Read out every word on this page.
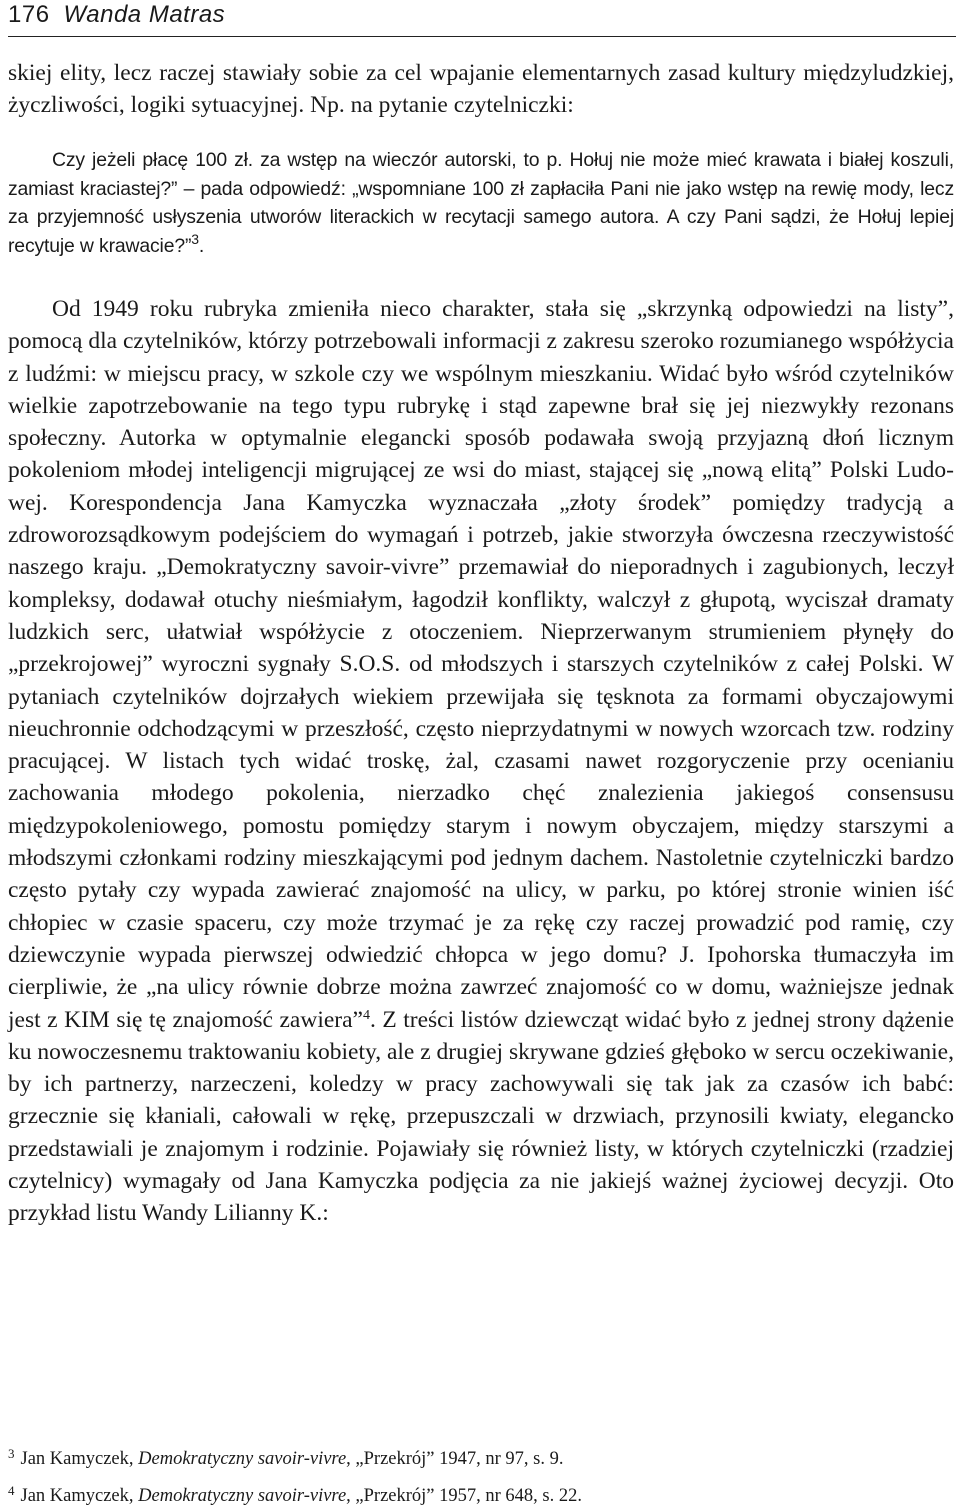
176 Wanda Matras

skiej elity, lecz raczej stawiały sobie za cel wpajanie elementarnych zasad kultury międzyludzkiej, życzliwości, logiki sytuacyjnej. Np. na pytanie czytelniczki:

Czy jeżeli płacę 100 zł. za wstęp na wieczór autorski, to p. Hołuj nie może mieć krawata i białej koszuli, zamiast kraciastej?” – pada odpowiedź: „wspomniane 100 zł zapłaciła Pani nie jako wstęp na rewię mody, lecz za przyjemność usłyszenia utworów literackich w recytacji samego autora. A czy Pani sądzi, że Hołuj lepiej recytuje w krawacie?”$^3$.

Od 1949 roku rubryka zmieniła nieco charakter, stała się „skrzynką odpowiedzi na listy”, pomocą dla czytelników, którzy potrzebowali informacji z zakresu szeroko rozumianego współżycia z ludźmi: w miejscu pracy, w szkole czy we wspólnym mieszkaniu. Widać było wśród czytelników wielkie zapotrzebowanie na tego typu rubrykę i stąd zapewne brał się jej niezwykły rezonans społeczny. Autorka w optymalnie elegancki sposób podawała swoją przyjazną dłoń licznym pokoleniom młodej inteligencji migrującej ze wsi do miast, stającej się „nową elitą” Polski Ludowej. Korespondencja Jana Kamyczka wyznaczała „złoty środek” pomiędzy tradycją a zdroworozsądkowym podejściem do wymagań i potrzeb, jakie stworzyła ówczesna rzeczywistość naszego kraju. „Demokratyczny savoir-vivre” przemawiał do nieporadnych i zagubionych, leczył kompleksy, dodawał otuchy nieśmiałym, łagodził konflikty, walczył z głupotą, wyciszał dramaty ludzkich serc, ułatwiał współżycie z otoczeniem. Nieprzerwanym strumieniem płynęły do „przekrojowej” wyroczni sygnały S.O.S. od młodszych i starszych czytelników z całej Polski. W pytaniach czytelników dojrzałych wiekiem przewijała się tęsknota za formami obyczajowymi nieuchronnie odchodzącymi w przeszłość, często nieprzydatnymi w nowych wzorcach tzw. rodziny pracującej. W listach tych widać troskę, żal, czasami nawet rozgoryczenie przy ocenianiu zachowania młodego pokolenia, nierzadko chęć znalezienia jakiegoś consensusu międzypokoleniowego, pomostu pomiędzy starym i nowym obyczajem, między starszymi a młodszymi członkami rodziny mieszkającymi pod jednym dachem. Nastoletnie czytelniczki bardzo często pytały czy wypada zawierać znajomość na ulicy, w parku, po której stronie winien iść chłopiec w czasie spaceru, czy może trzymać je za rękę czy raczej prowadzić pod ramię, czy dziewczynie wypada pierwszej odwiedzić chłopca w jego domu? J. Ipohorska tłumaczyła im cierpliwie, że „na ulicy równie dobrze można zawrzeć znajomość co w domu, ważniejsze jednak jest z KIM się tę znajomość zawiera”$^4$. Z treści listów dziewcząt widać było z jednej strony dążenie ku nowoczesnemu traktowaniu kobiety, ale z drugiej skrywane gdzieś głęboko w sercu oczekiwanie, by ich partnerzy, narzeczeni, koledzy w pracy zachowywali się tak jak za czasów ich babć: grzecznie się kłaniali, całowali w rękę, przepuszczali w drzwiach, przynosili kwiaty, elegancko przedstawiali je znajomym i rodzinie. Pojawiały się również listy, w których czytelniczki (rzadziej czytelnicy) wymagały od Jana Kamyczka podjęcia za nie jakiejś ważnej życiowej decyzji. Oto przykład listu Wandy Lilianny K.:

$^3$ Jan Kamyczek, Demokratyczny savoir-vivre, „Przekrój” 1947, nr 97, s. 9.

$^4$ Jan Kamyczek, Demokratyczny savoir-vivre, „Przekrój” 1957, nr 648, s. 22.
